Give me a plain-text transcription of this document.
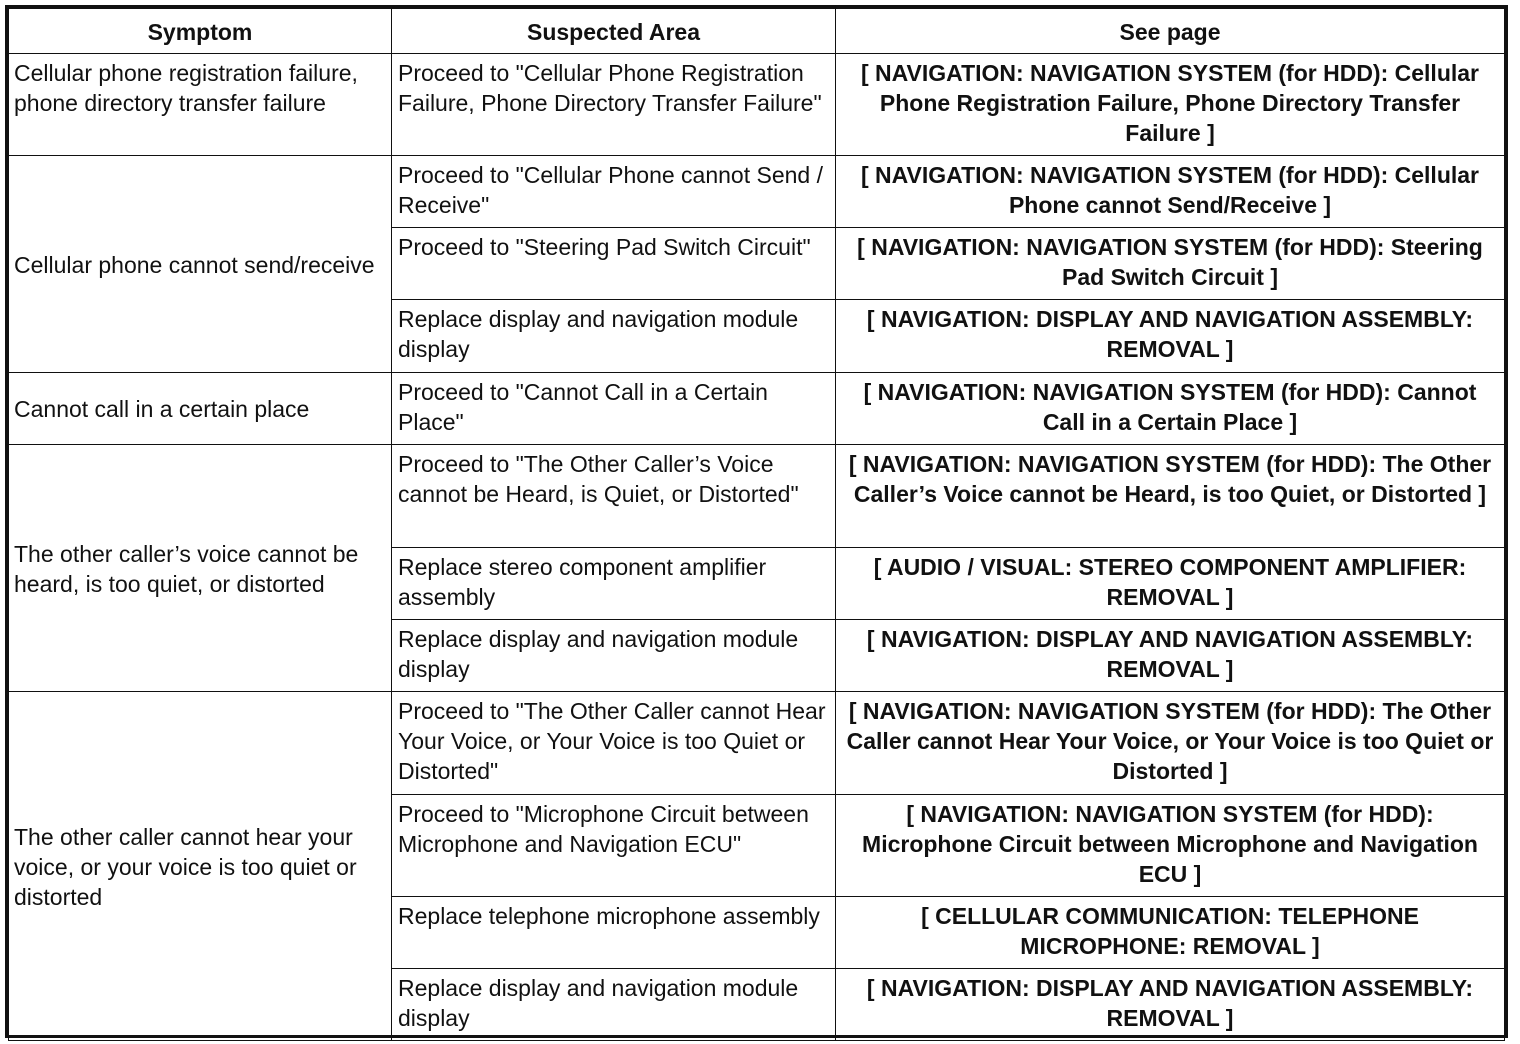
Symptom	Suspected Area	See page
Cellular phone registration failure, phone directory transfer failure	Proceed to "Cellular Phone Registration Failure, Phone Directory Transfer Failure"	[ NAVIGATION: NAVIGATION SYSTEM (for HDD): Cellular Phone Registration Failure, Phone Directory Transfer Failure ]
Cellular phone cannot send/receive	Proceed to "Cellular Phone cannot Send / Receive"	[ NAVIGATION: NAVIGATION SYSTEM (for HDD): Cellular Phone cannot Send/Receive ]
	Proceed to "Steering Pad Switch Circuit"	[ NAVIGATION: NAVIGATION SYSTEM (for HDD): Steering Pad Switch Circuit ]
	Replace display and navigation module display	[ NAVIGATION: DISPLAY AND NAVIGATION ASSEMBLY: REMOVAL ]
Cannot call in a certain place	Proceed to "Cannot Call in a Certain Place"	[ NAVIGATION: NAVIGATION SYSTEM (for HDD): Cannot Call in a Certain Place ]
The other caller’s voice cannot be heard, is too quiet, or distorted	Proceed to "The Other Caller’s Voice cannot be Heard, is Quiet, or Distorted"	[ NAVIGATION: NAVIGATION SYSTEM (for HDD): The Other Caller’s Voice cannot be Heard, is too Quiet, or Distorted ]
	Replace stereo component amplifier assembly	[ AUDIO / VISUAL: STEREO COMPONENT AMPLIFIER: REMOVAL ]
	Replace display and navigation module display	[ NAVIGATION: DISPLAY AND NAVIGATION ASSEMBLY: REMOVAL ]
The other caller cannot hear your voice, or your voice is too quiet or distorted	Proceed to "The Other Caller cannot Hear Your Voice, or Your Voice is too Quiet or Distorted"	[ NAVIGATION: NAVIGATION SYSTEM (for HDD): The Other Caller cannot Hear Your Voice, or Your Voice is too Quiet or Distorted ]
	Proceed to "Microphone Circuit between Microphone and Navigation ECU"	[ NAVIGATION: NAVIGATION SYSTEM (for HDD): Microphone Circuit between Microphone and Navigation ECU ]
	Replace telephone microphone assembly	[ CELLULAR COMMUNICATION: TELEPHONE MICROPHONE: REMOVAL ]
	Replace display and navigation module display	[ NAVIGATION: DISPLAY AND NAVIGATION ASSEMBLY: REMOVAL ]
